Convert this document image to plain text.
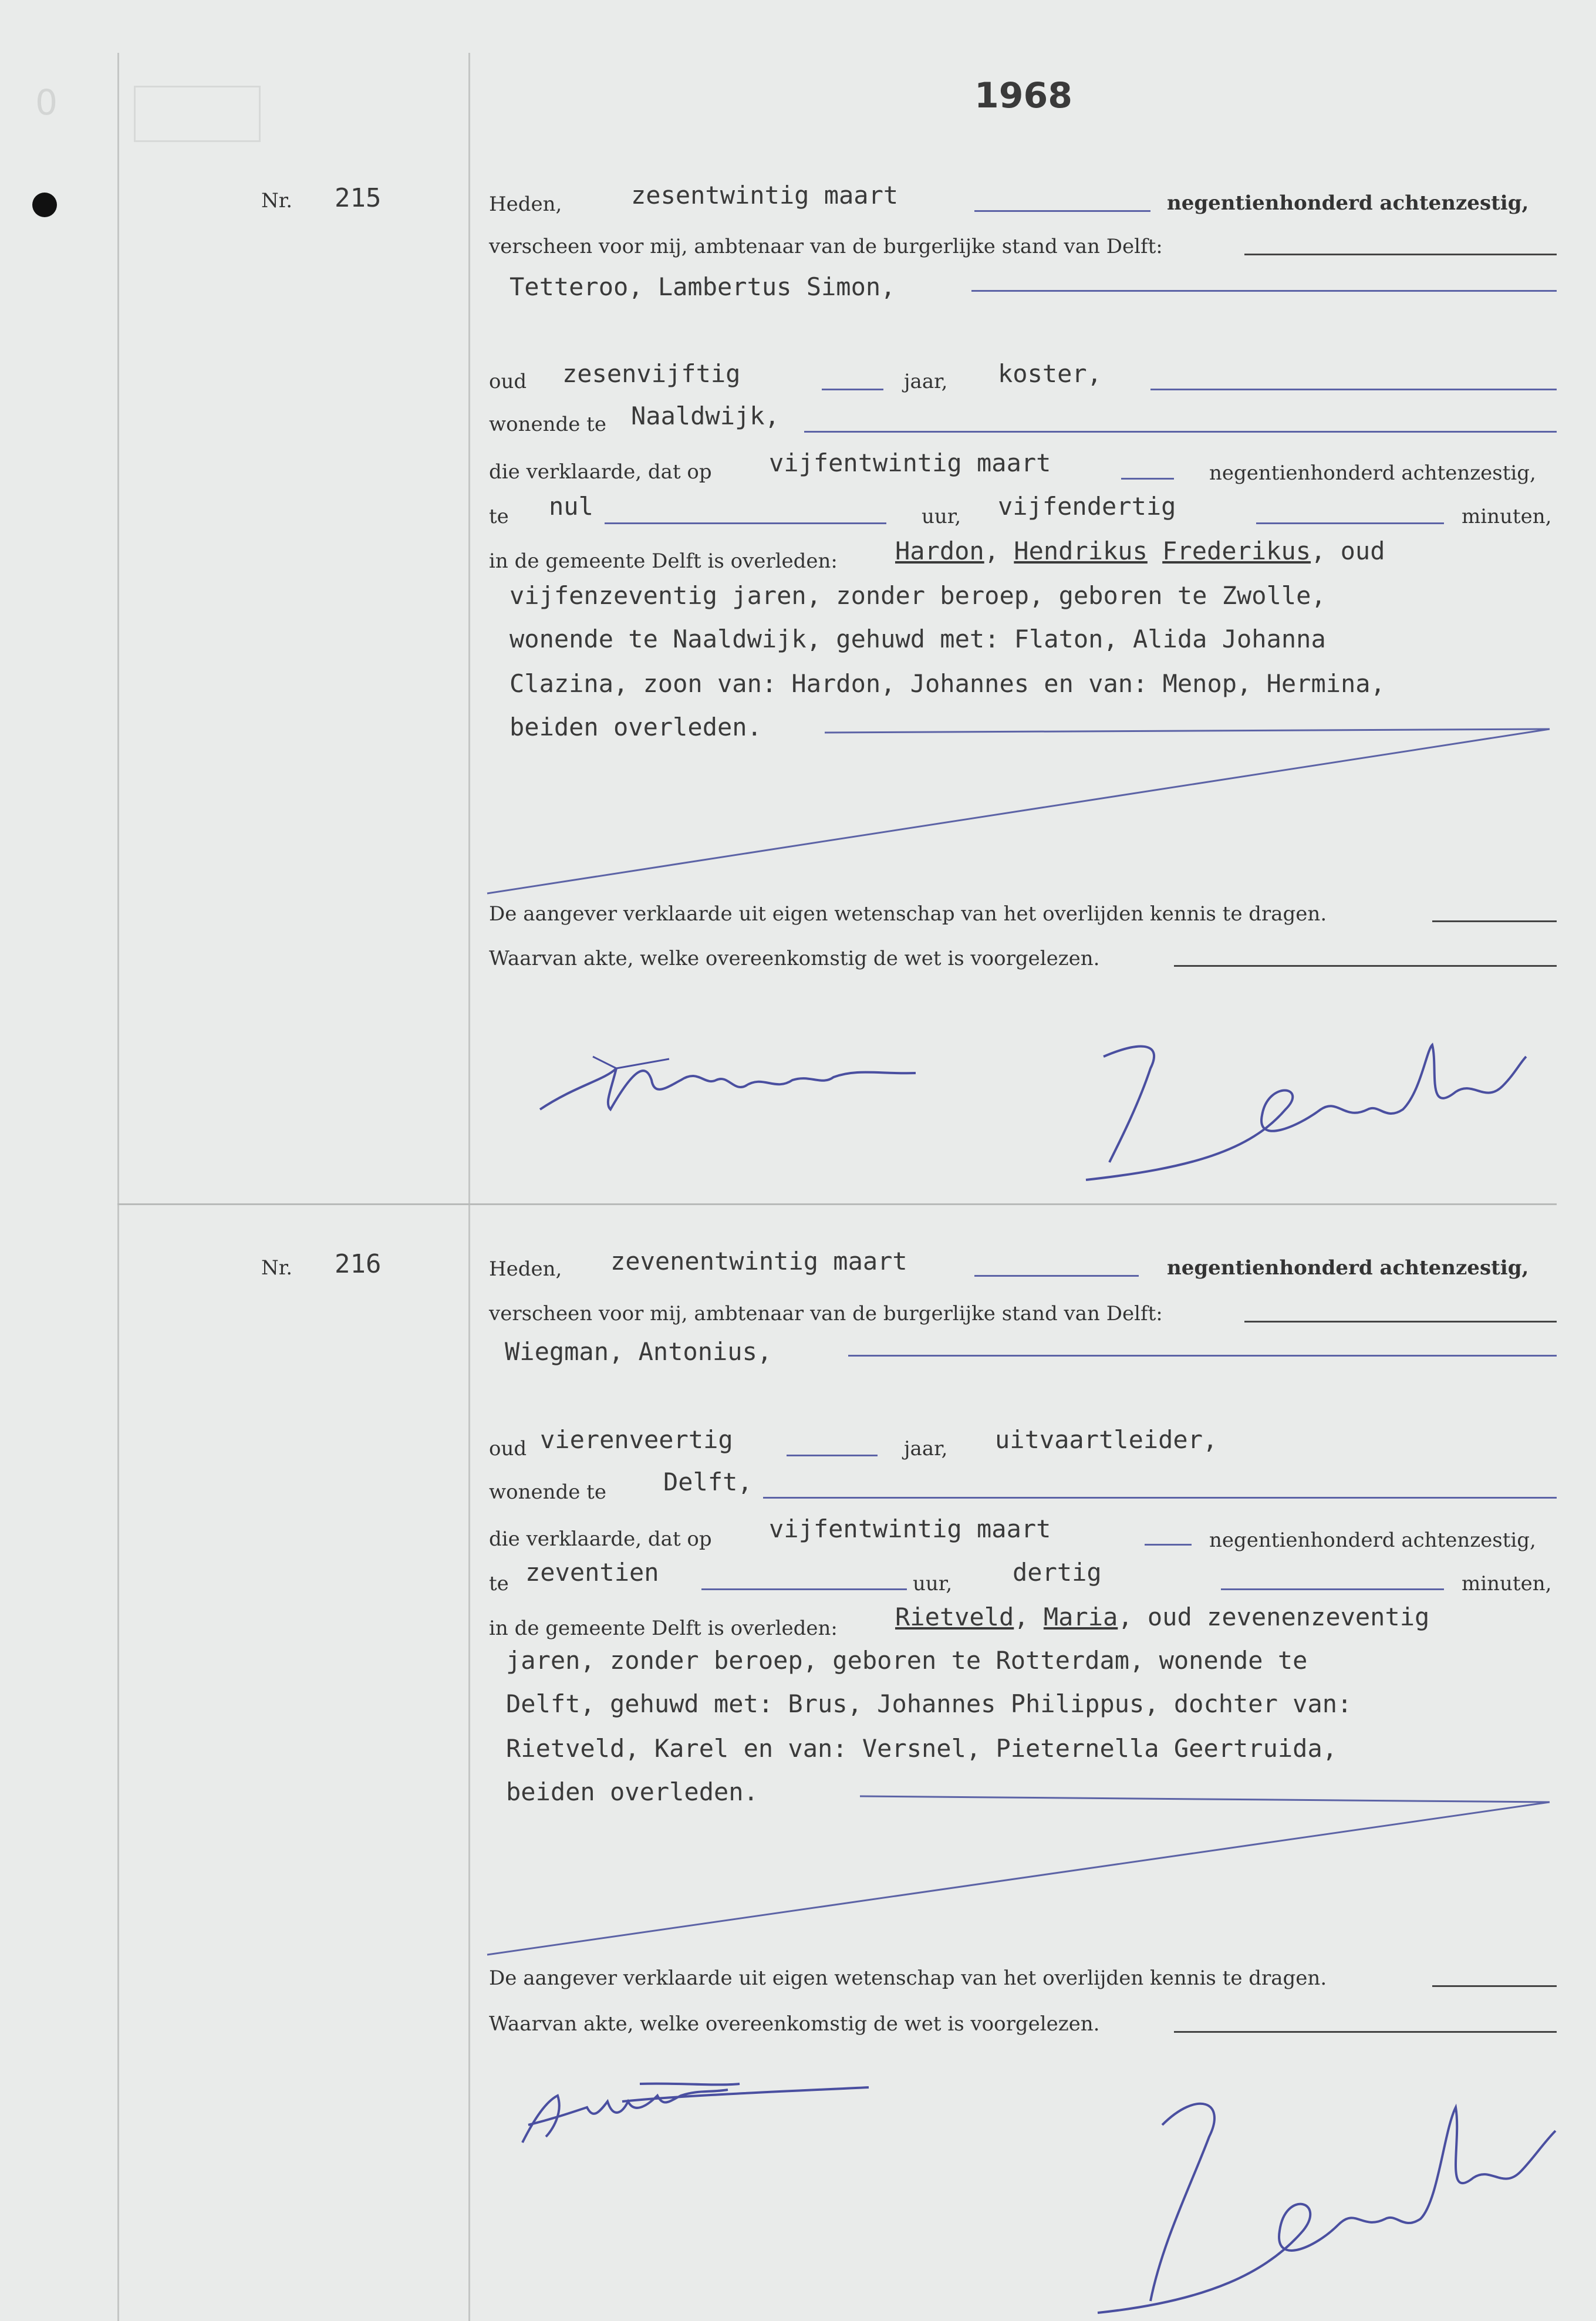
0	1968
Nr. 215	Heden,	zesentwintig maart	negentienhonderd achtenzestig,
verscheen voor mij, ambtenaar van de burgerlijke stand van Delft:
Tetteroo, Lambertus Simon,
oud zesenvijftig	jaar, koster,
wonende te Naaldwijk,
die verklaarde, dat op vijfentwintig maart	negentienhonderd achtenzestig,
te nul	uur, vijfendertig	minuten,
in de gemeente Delft is overleden: Hardon, Hendrikus Frederikus, oud
vijfenzeventig jaren, zonder beroep, geboren te Zwolle,
wonende te Naaldwijk, gehuwd met: Flaton, Alida Johanna
Clazina, zoon van: Hardon, Johannes en van: Menop, Hermina,
beiden overleden.
De aangever verklaarde uit eigen wetenschap van het overlijden kennis te dragen.
Waarvan akte, welke overeenkomstig de wet is voorgelezen.
Nr. 216	Heden, zevenentwintig maart	negentienhonderd achtenzestig,
verscheen voor mij, ambtenaar van de burgerlijke stand van Delft:
Wiegman, Antonius,
oud vierenveertig	jaar, uitvaartleider,
wonende te Delft,
die verklaarde, dat op vijfentwintig maart	negentienhonderd achtenzestig,
te zeventien	uur, dertig	minuten,
in de gemeente Delft is overleden: Rietveld, Maria, oud zevenenzeventig
jaren, zonder beroep, geboren te Rotterdam, wonende te
Delft, gehuwd met: Brus, Johannes Philippus, dochter van:
Rietveld, Karel en van: Versnel, Pieternella Geertruida,
beiden overleden.
De aangever verklaarde uit eigen wetenschap van het overlijden kennis te dragen.
Waarvan akte, welke overeenkomstig de wet is voorgelezen.
